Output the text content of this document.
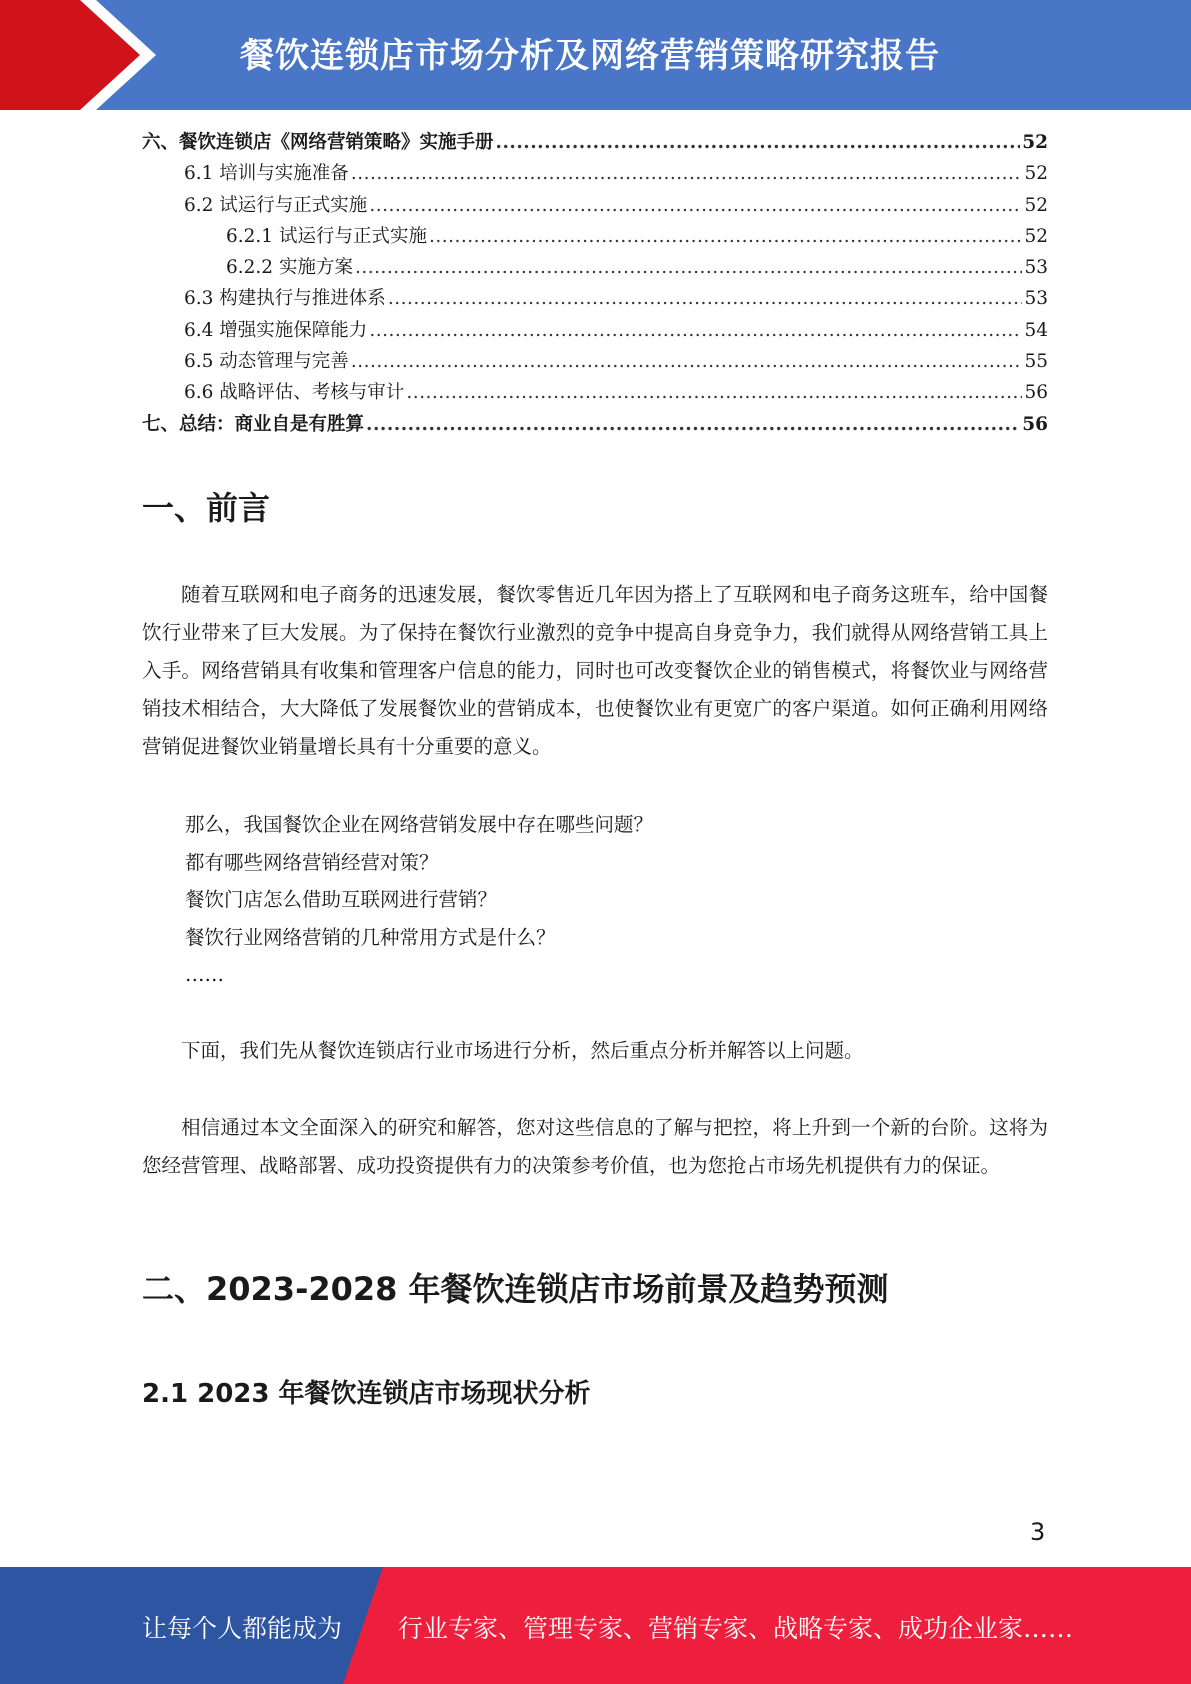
餐饮连锁店市场分析及网络营销策略研究报告
六、餐饮连锁店《网络营销策略》实施手册 .....	52
6.1 培训与实施准备 .....	52
6.2 试运行与正式实施 .....	52
6.2.1 试运行与正式实施 .....	52
6.2.2 实施方案 .....	53
6.3 构建执行与推进体系 .....	53
6.4 增强实施保障能力 .....	54
6.5 动态管理与完善 .....	55
6.6 战略评估、考核与审计 .....	56
七、总结：商业自是有胜算 .....	56
一、前言

随着互联网和电子商务的迅速发展，餐饮零售近几年因为搭上了互联网和电子商务这班车，给中国餐饮行业带来了巨大发展。为了保持在餐饮行业激烈的竞争中提高自身竞争力，我们就得从网络营销工具上入手。网络营销具有收集和管理客户信息的能力，同时也可改变餐饮企业的销售模式，将餐饮业与网络营销技术相结合，大大降低了发展餐饮业的营销成本，也使餐饮业有更宽广的客户渠道。如何正确利用网络营销促进餐饮业销量增长具有十分重要的意义。

那么，我国餐饮企业在网络营销发展中存在哪些问题？
都有哪些网络营销经营对策？
餐饮门店怎么借助互联网进行营销？
餐饮行业网络营销的几种常用方式是什么？
……

下面，我们先从餐饮连锁店行业市场进行分析，然后重点分析并解答以上问题。

相信通过本文全面深入的研究和解答，您对这些信息的了解与把控，将上升到一个新的台阶。这将为您经营管理、战略部署、成功投资提供有力的决策参考价值，也为您抢占市场先机提供有力的保证。

二、2023-2028 年餐饮连锁店市场前景及趋势预测
2.1 2023 年餐饮连锁店市场现状分析
3
让每个人都能成为 行业专家、管理专家、营销专家、战略专家、成功企业家……
